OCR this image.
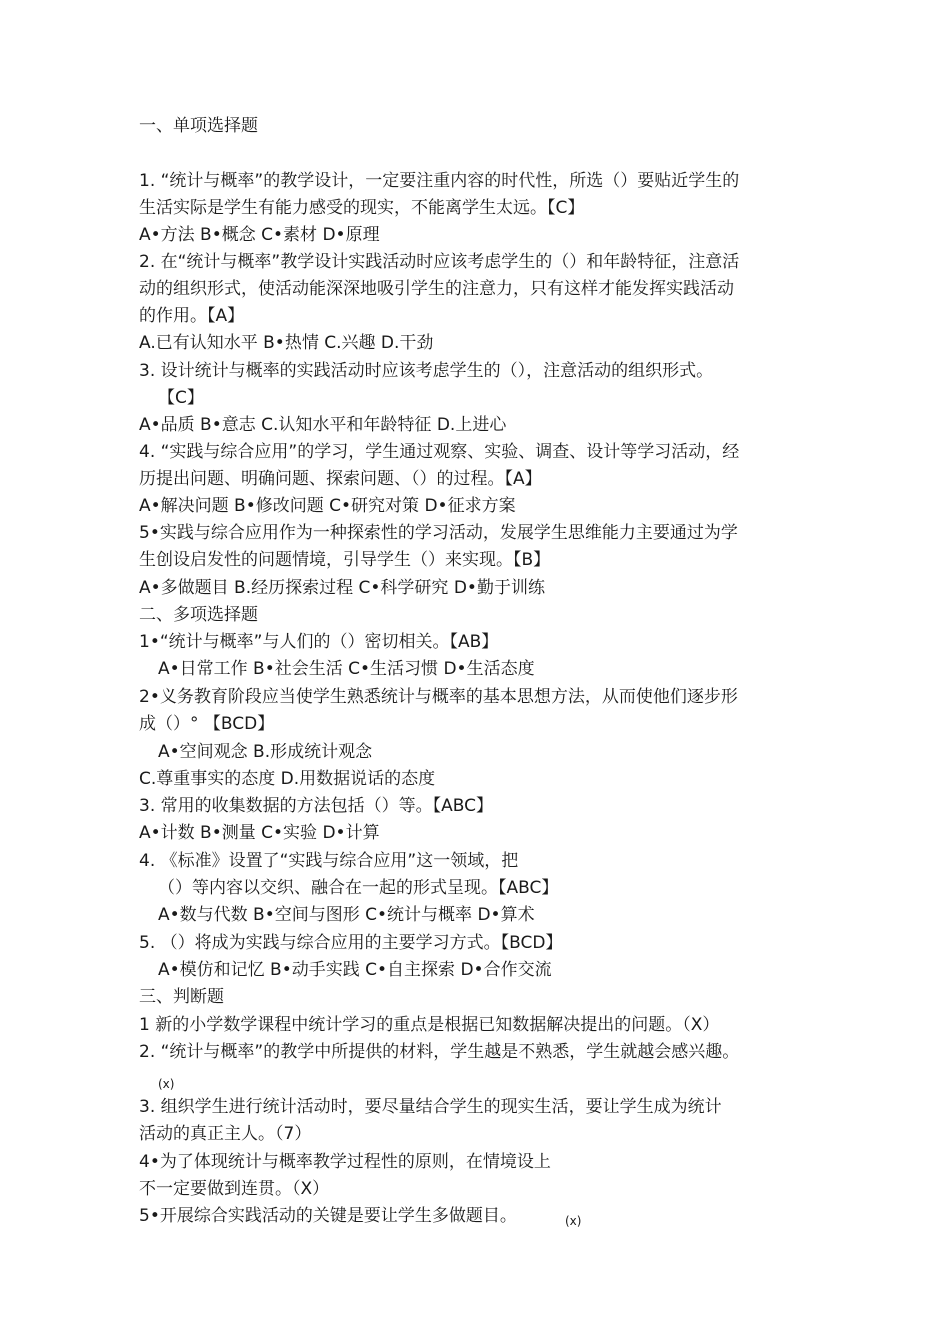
一、单项选择题
1. “统计与概率”的教学设计，一定要注重内容的时代性，所选（）要贴近学生的
生活实际是学生有能力感受的现实，不能离学生太远。【C】
A•方法 B•概念 C•素材 D•原理
2. 在“统计与概率”教学设计实践活动时应该考虑学生的（）和年龄特征，注意活
动的组织形式，使活动能深深地吸引学生的注意力，只有这样才能发挥实践活动
的作用。【A】
A.已有认知水平 B•热情 C.兴趣 D.干劲
3. 设计统计与概率的实践活动时应该考虑学生的（），注意活动的组织形式。
【C】
A•品质 B•意志 C.认知水平和年龄特征 D.上进心
4. “实践与综合应用”的学习，学生通过观察、实验、调查、设计等学习活动，经
历提出问题、明确问题、探索问题、（）的过程。【A】
A•解决问题 B•修改问题 C•研究对策 D•征求方案
5•实践与综合应用作为一种探索性的学习活动，发展学生思维能力主要通过为学
生创设启发性的问题情境，引导学生（）来实现。【B】
A•多做题目 B.经历探索过程 C•科学研究 D•勤于训练
二、多项选择题
1•“统计与概率”与人们的（）密切相关。【AB】
A•日常工作 B•社会生活 C•生活习惯 D•生活态度
2•义务教育阶段应当使学生熟悉统计与概率的基本思想方法，从而使他们逐步形
成（）° 【BCD】
A•空间观念 B.形成统计观念
C.尊重事实的态度 D.用数据说话的态度
3. 常用的收集数据的方法包括（）等。【ABC】
A•计数 B•测量 C•实验 D•计算
4. 《标准》设置了“实践与综合应用”这一领域，把
（）等内容以交织、融合在一起的形式呈现。【ABC】
A•数与代数 B•空间与图形 C•统计与概率 D•算术
5. （）将成为实践与综合应用的主要学习方式。【BCD】
A•模仿和记忆 B•动手实践 C•自主探索 D•合作交流
三、判断题
1 新的小学数学课程中统计学习的重点是根据已知数据解决提出的问题。（X）
2. “统计与概率”的教学中所提供的材料，学生越是不熟悉，学生就越会感兴趣。
(x)
3. 组织学生进行统计活动时，要尽量结合学生的现实生活，要让学生成为统计
活动的真正主人。（7）
4•为了体现统计与概率教学过程性的原则，在情境设上
不一定要做到连贯。（X）
5•开展综合实践活动的关键是要让学生多做题目。	(x)
